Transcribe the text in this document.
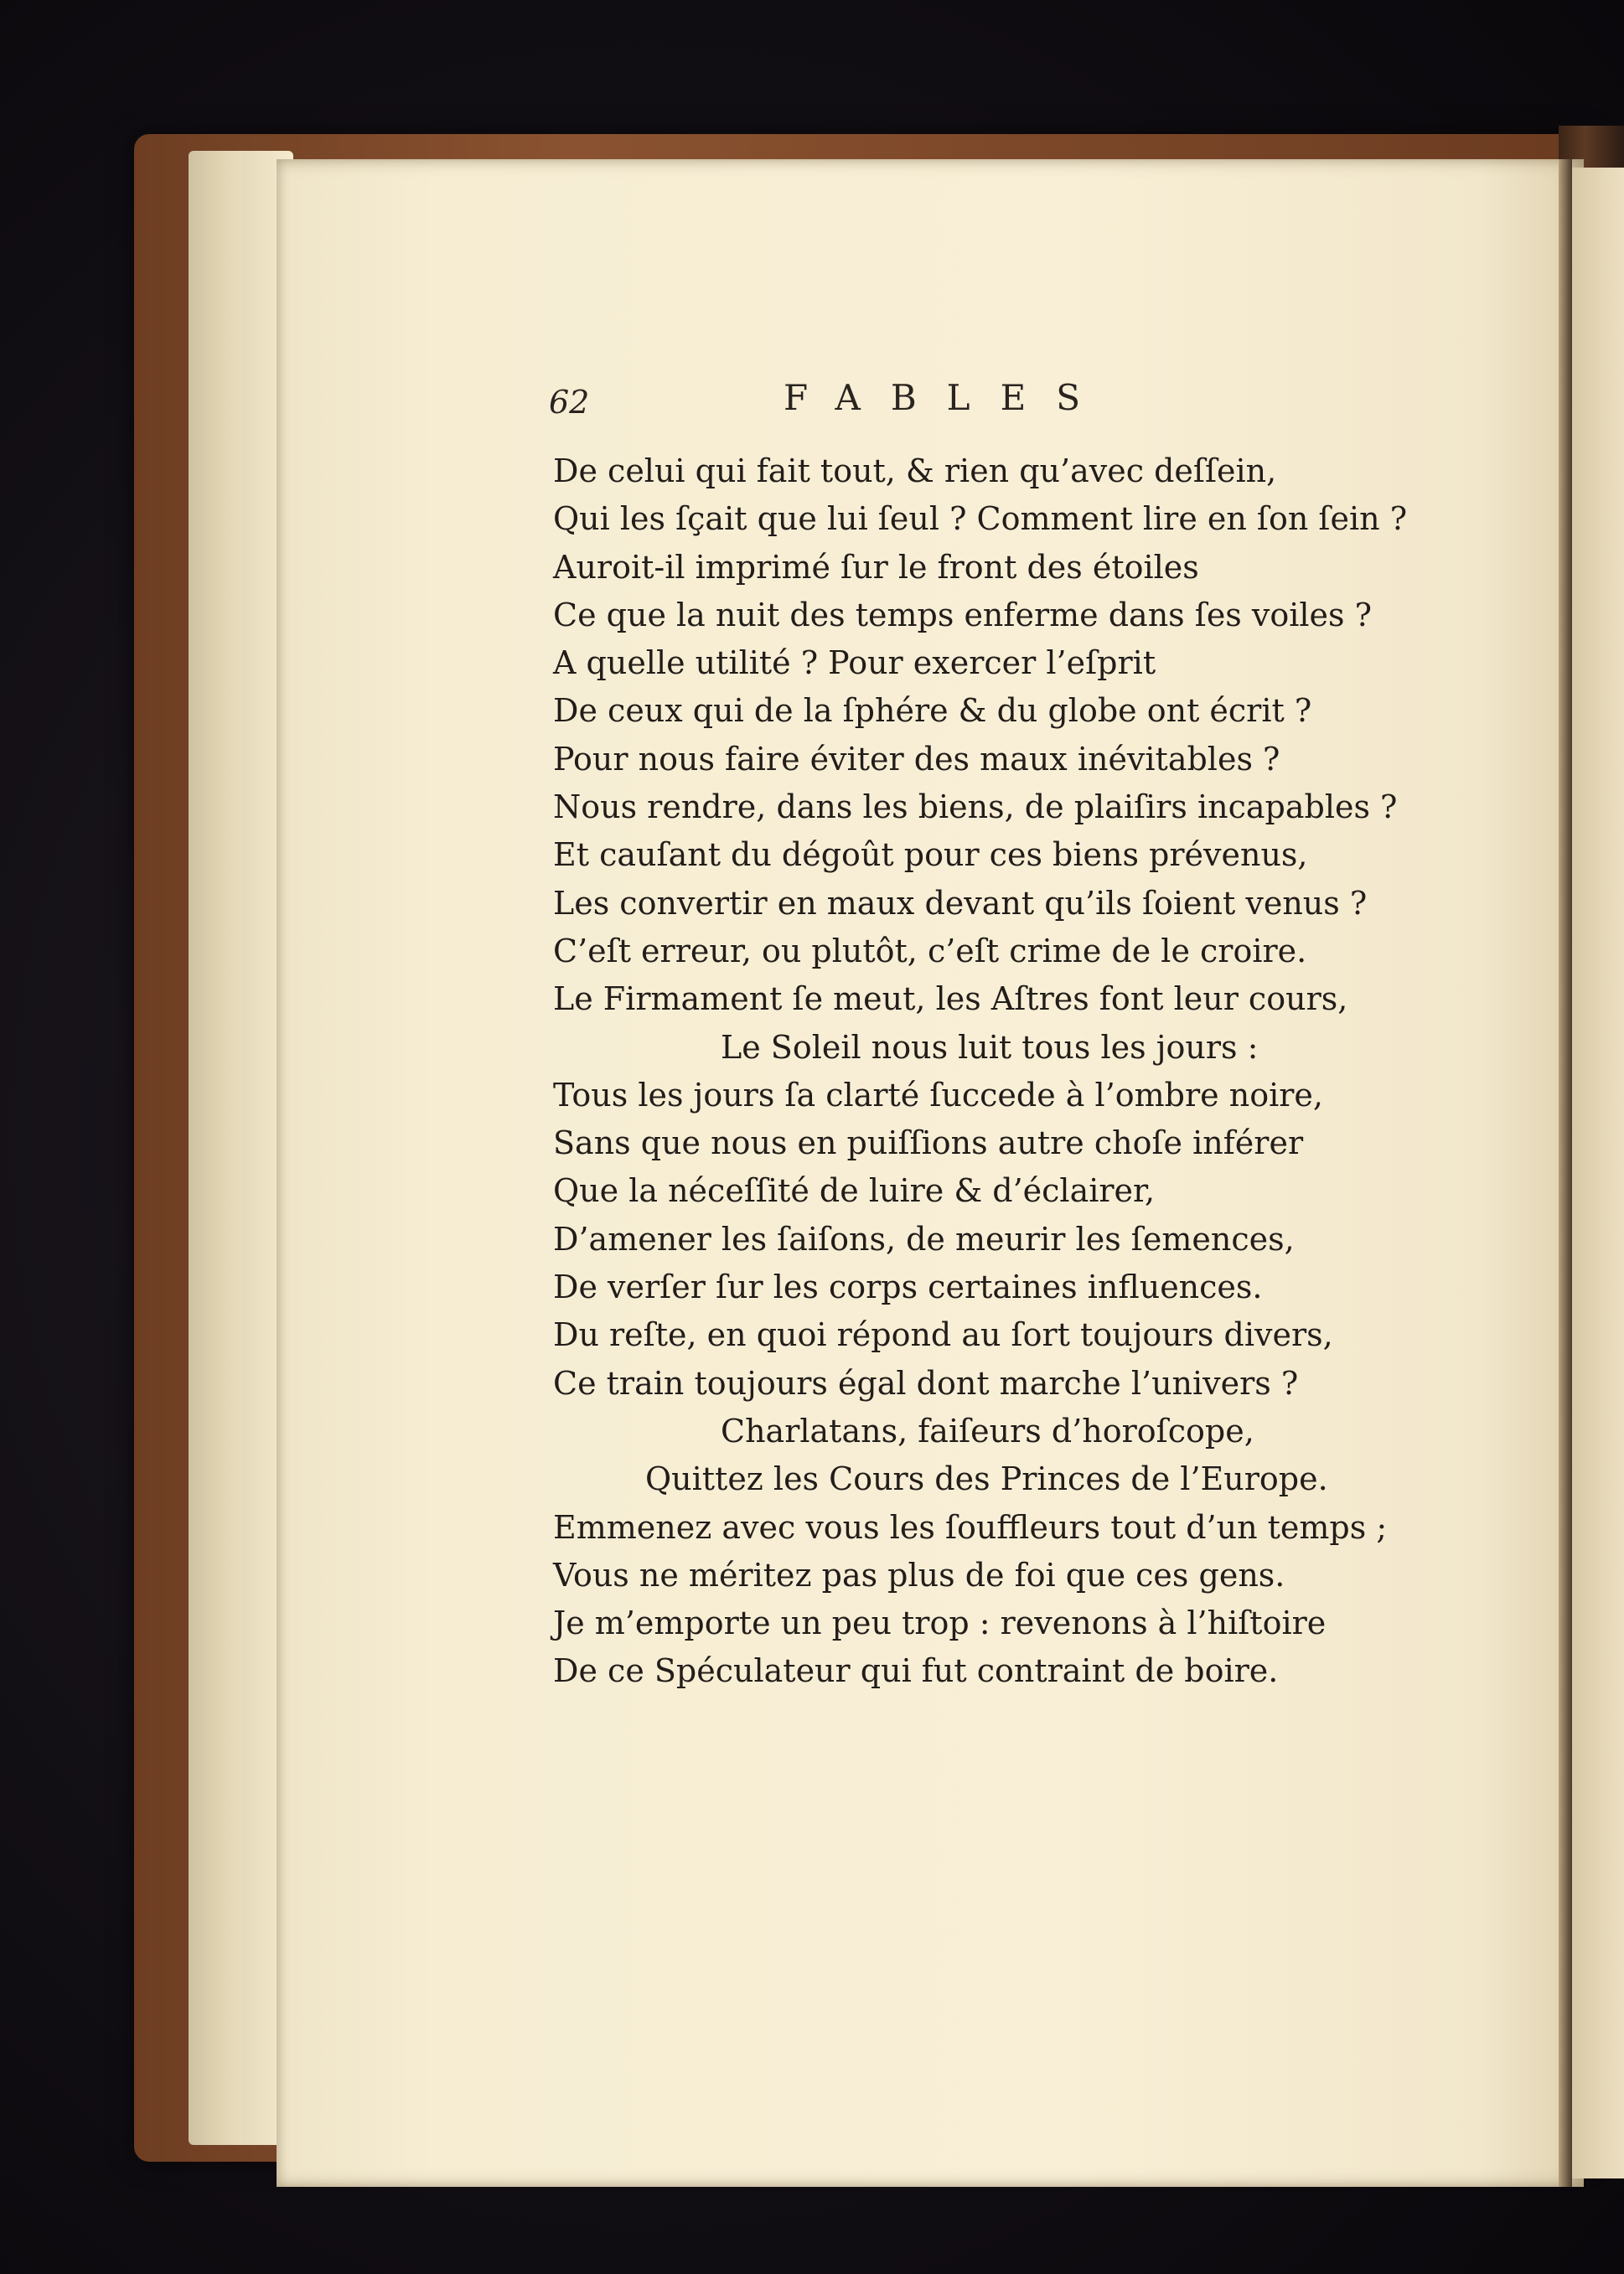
62	FABLES
De celui qui fait tout, & rien qu’avec deſſein,
Qui les ſçait que lui ſeul ? Comment lire en ſon ſein ?
Auroit-il imprimé ſur le front des étoiles
Ce que la nuit des temps enferme dans ſes voiles ?
A quelle utilité ? Pour exercer l’eſprit
De ceux qui de la ſphére & du globe ont écrit ?
Pour nous faire éviter des maux inévitables ?
Nous rendre, dans les biens, de plaiſirs incapables ?
Et cauſant du dégoût pour ces biens prévenus,
Les convertir en maux devant qu’ils ſoient venus ?
C’eſt erreur, ou plutôt, c’eſt crime de le croire.
Le Firmament ſe meut, les Aſtres font leur cours,
Le Soleil nous luit tous les jours :
Tous les jours ſa clarté ſuccede à l’ombre noire,
Sans que nous en puiſſions autre choſe inférer
Que la néceſſité de luire & d’éclairer,
D’amener les ſaiſons, de meurir les ſemences,
De verſer ſur les corps certaines influences.
Du reſte, en quoi répond au ſort toujours divers,
Ce train toujours égal dont marche l’univers ?
Charlatans, faiſeurs d’horoſcope,
Quittez les Cours des Princes de l’Europe.
Emmenez avec vous les ſouffleurs tout d’un temps ;
Vous ne méritez pas plus de foi que ces gens.
Je m’emporte un peu trop : revenons à l’hiſtoire
De ce Spéculateur qui fut contraint de boire.
